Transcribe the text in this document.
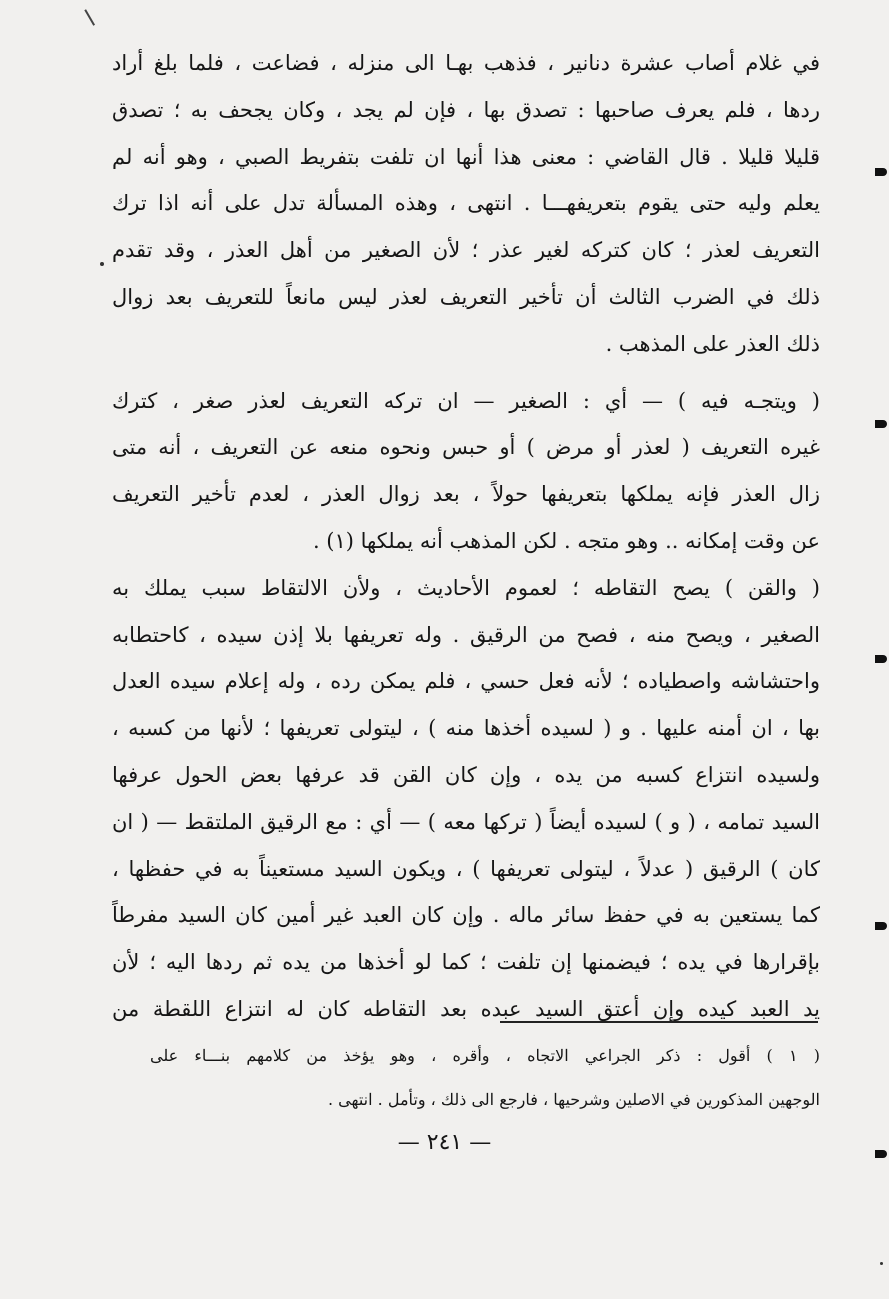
في غلام أصاب عشرة دنانير ، فذهب بهـا الى منزله ، فضاعت ، فلما بلغ أراد
ردها ، فلم يعرف صاحبها : تصدق بها ، فإن لم يجد ، وكان يجحف به ؛ تصدق
قليلا قليلا . قال القاضي : معنى هذا أنها ان تلفت بتفريط الصبي ، وهو أنه لم
يعلم وليه حتى يقوم بتعريفهـــا . انتهى ، وهذه المسألة تدل على أنه اذا ترك
التعريف لعذر ؛ كان كتركه لغير عذر ؛ لأن الصغير من أهل العذر ، وقد تقدم
ذلك في الضرب الثالث أن تأخير التعريف لعذر ليس مانعاً للتعريف بعد زوال
ذلك العذر على المذهب .
( ويتجـه فيه ) — أي : الصغير — ان تركه التعريف لعذر صغر ، كترك
غيره التعريف ( لعذر أو مرض ) أو حبس ونحوه منعه عن التعريف ، أنه متى
زال العذر فإنه يملكها بتعريفها حولاً ، بعد زوال العذر ، لعدم تأخير التعريف
عن وقت إمكانه .. وهو متجه . لكن المذهب أنه يملكها (١) .
( والقن ) يصح التقاطه ؛ لعموم الأحاديث ، ولأن الالتقاط سبب يملك به
الصغير ، ويصح منه ، فصح من الرقيق . وله تعريفها بلا إذن سيده ، كاحتطابه
واحتشاشه واصطياده ؛ لأنه فعل حسي ، فلم يمكن رده ، وله إعلام سيده العدل
بها ، ان أمنه عليها . و ( لسيده أخذها منه ) ، ليتولى تعريفها ؛ لأنها من كسبه ،
ولسيده انتزاع كسبه من يده ، وإن كان القن قد عرفها بعض الحول عرفها
السيد تمامه ، ( و ) لسيده أيضاً ( تركها معه ) — أي : مع الرقيق الملتقط — ( ان
كان ) الرقيق ( عدلاً ، ليتولى تعريفها ) ، ويكون السيد مستعيناً به في حفظها ،
كما يستعين به في حفظ سائر ماله . وإن كان العبد غير أمين كان السيد مفرطاً
بإقرارها في يده ؛ فيضمنها إن تلفت ؛ كما لو أخذها من يده ثم ردها اليه ؛ لأن
يد العبد كيده وإن أعتق السيد عبده بعد التقاطه كان له انتزاع اللقطة من
( ١ ) أقول : ذكر الجراعي الاتجاه ، وأقره ، وهو يؤخذ من كلامهم بنـــاء على
الوجهين المذكورين في الاصلين وشرحيها ، فارجع الى ذلك ، وتأمل . انتهى .
— ٢٤١ —
